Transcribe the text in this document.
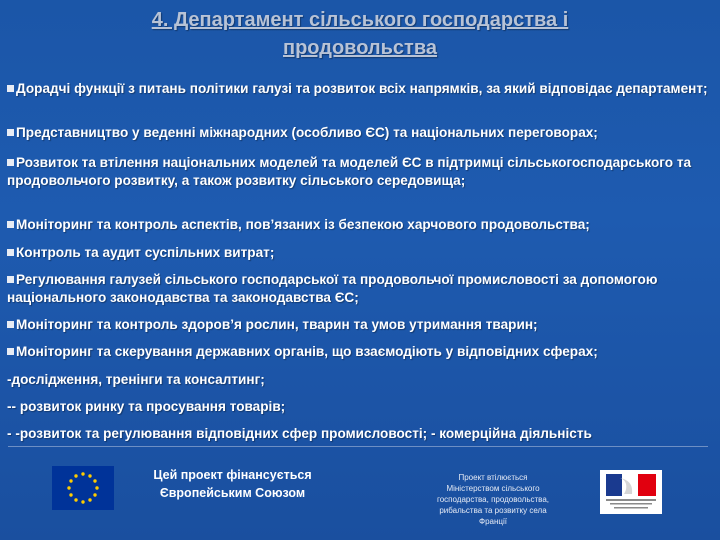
4. Департамент сільського господарства і
продовольства
Дорадчі функції з питань політики галузі та розвиток всіх напрямків, за який відповідає департамент;
Представництво у веденні міжнародних (особливо ЄС) та національних переговорах;
Розвиток та втілення національних моделей та моделей ЄС в підтримці сільськогосподарського та продовольчого розвитку, а також розвитку сільського середовища;
Моніторинг та контроль аспектів, пов’язаних із безпекою харчового продовольства;
Контроль та аудит суспільних витрат;
Регулювання галузей сільського господарської та продовольчої промисловості за допомогою національного законодавства та законодавства ЄС;
Моніторинг та контроль здоров’я рослин, тварин та умов утримання тварин;
Моніторинг та скерування державних органів, що взаємодіють у відповідних сферах;
-дослідження, тренінги та консалтинг;
-- розвиток ринку та просування товарів;
- -розвиток та регулювання відповідних сфер промисловості; - комерційна діяльність
Цей проект фінансується
Європейським Союзом
Проект втілюється
Міністерством сільського
господарства, продовольства,
рибальства та розвитку села
Франції
